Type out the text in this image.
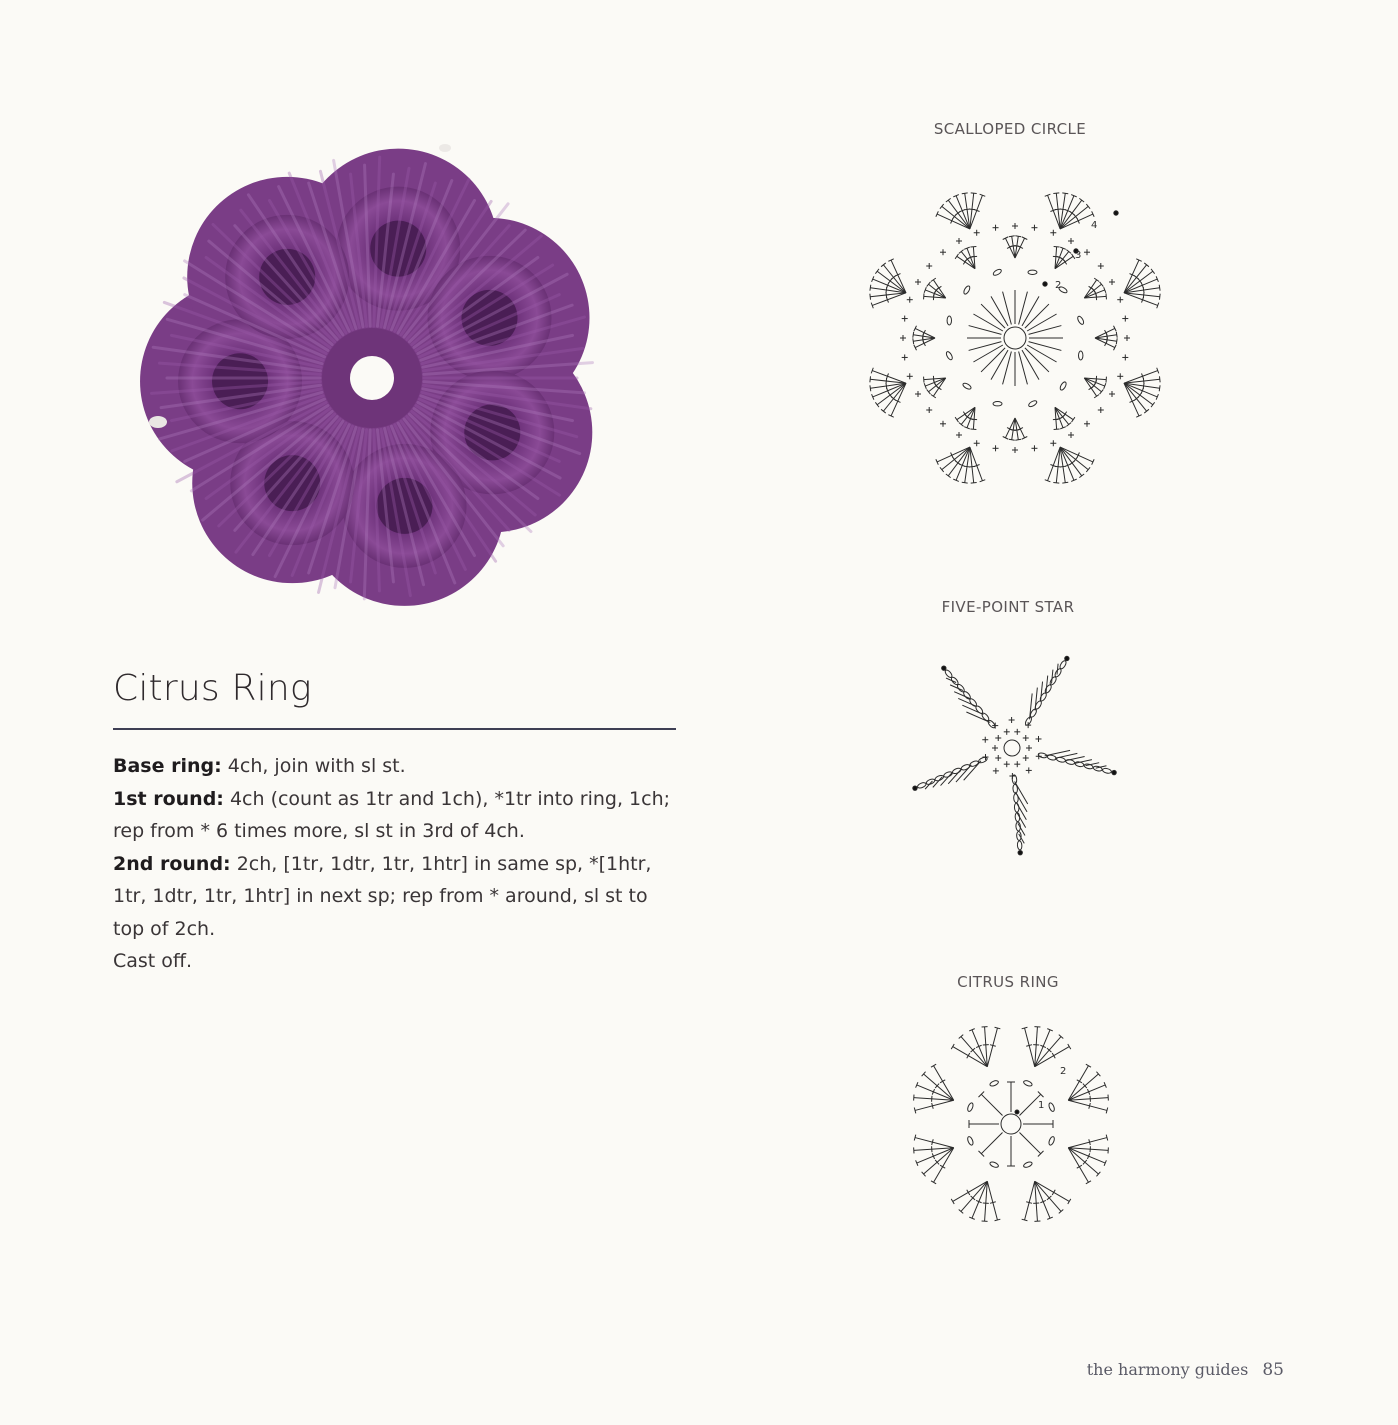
Citrus Ring

Base ring: 4ch, join with sl st.

1st round: 4ch (count as 1tr and 1ch), *1tr into ring, 1ch; rep from * 6 times more, sl st in 3rd of 4ch.

2nd round: 2ch, [1tr, 1dtr, 1tr, 1htr] in same sp, *[1htr, 1tr, 1dtr, 1tr, 1htr] in next sp; rep from * around, sl st to top of 2ch.

Cast off.

SCALLOPED CIRCLE
4
3
2
FIVE-POINT STAR
CITRUS RING
1
2
the harmony guides 85
